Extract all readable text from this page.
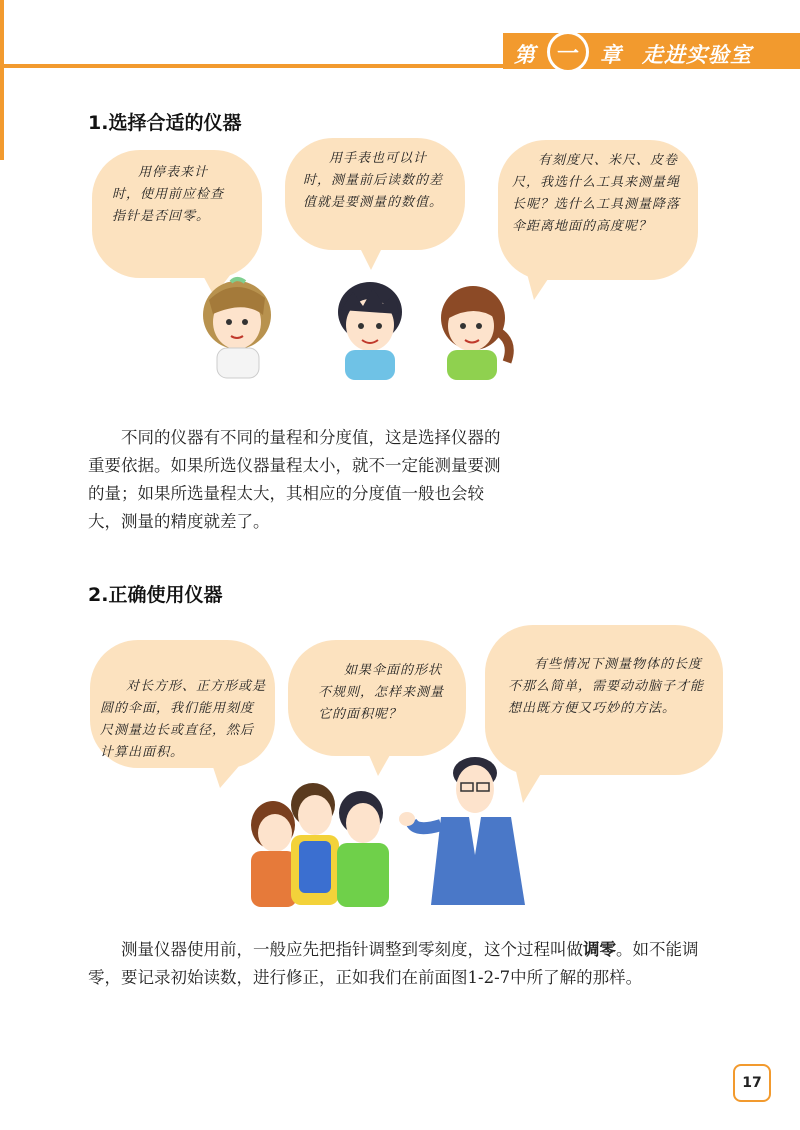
第 一 章 走进实验室
1.选择合适的仪器
用停表来计时，使用前应检查指针是否回零。
用手表也可以计时，测量前后读数的差值就是要测量的数值。
有刻度尺、米尺、皮卷尺，我选什么工具来测量绳长呢？选什么工具测量降落伞距离地面的高度呢？

不同的仪器有不同的量程和分度值，这是选择仪器的重要依据。如果所选仪器量程太小，就不一定能测量要测的量；如果所选量程太大，其相应的分度值一般也会较大，测量的精度就差了。

2.正确使用仪器
对长方形、正方形或是圆的伞面，我们能用刻度尺测量边长或直径，然后计算出面积。
如果伞面的形状不规则，怎样来测量它的面积呢？
有些情况下测量物体的长度不那么简单，需要动动脑子才能想出既方便又巧妙的方法。

测量仪器使用前，一般应先把指针调整到零刻度，这个过程叫做调零。如不能调零，要记录初始读数，进行修正，正如我们在前面图1-2-7中所了解的那样。

17
